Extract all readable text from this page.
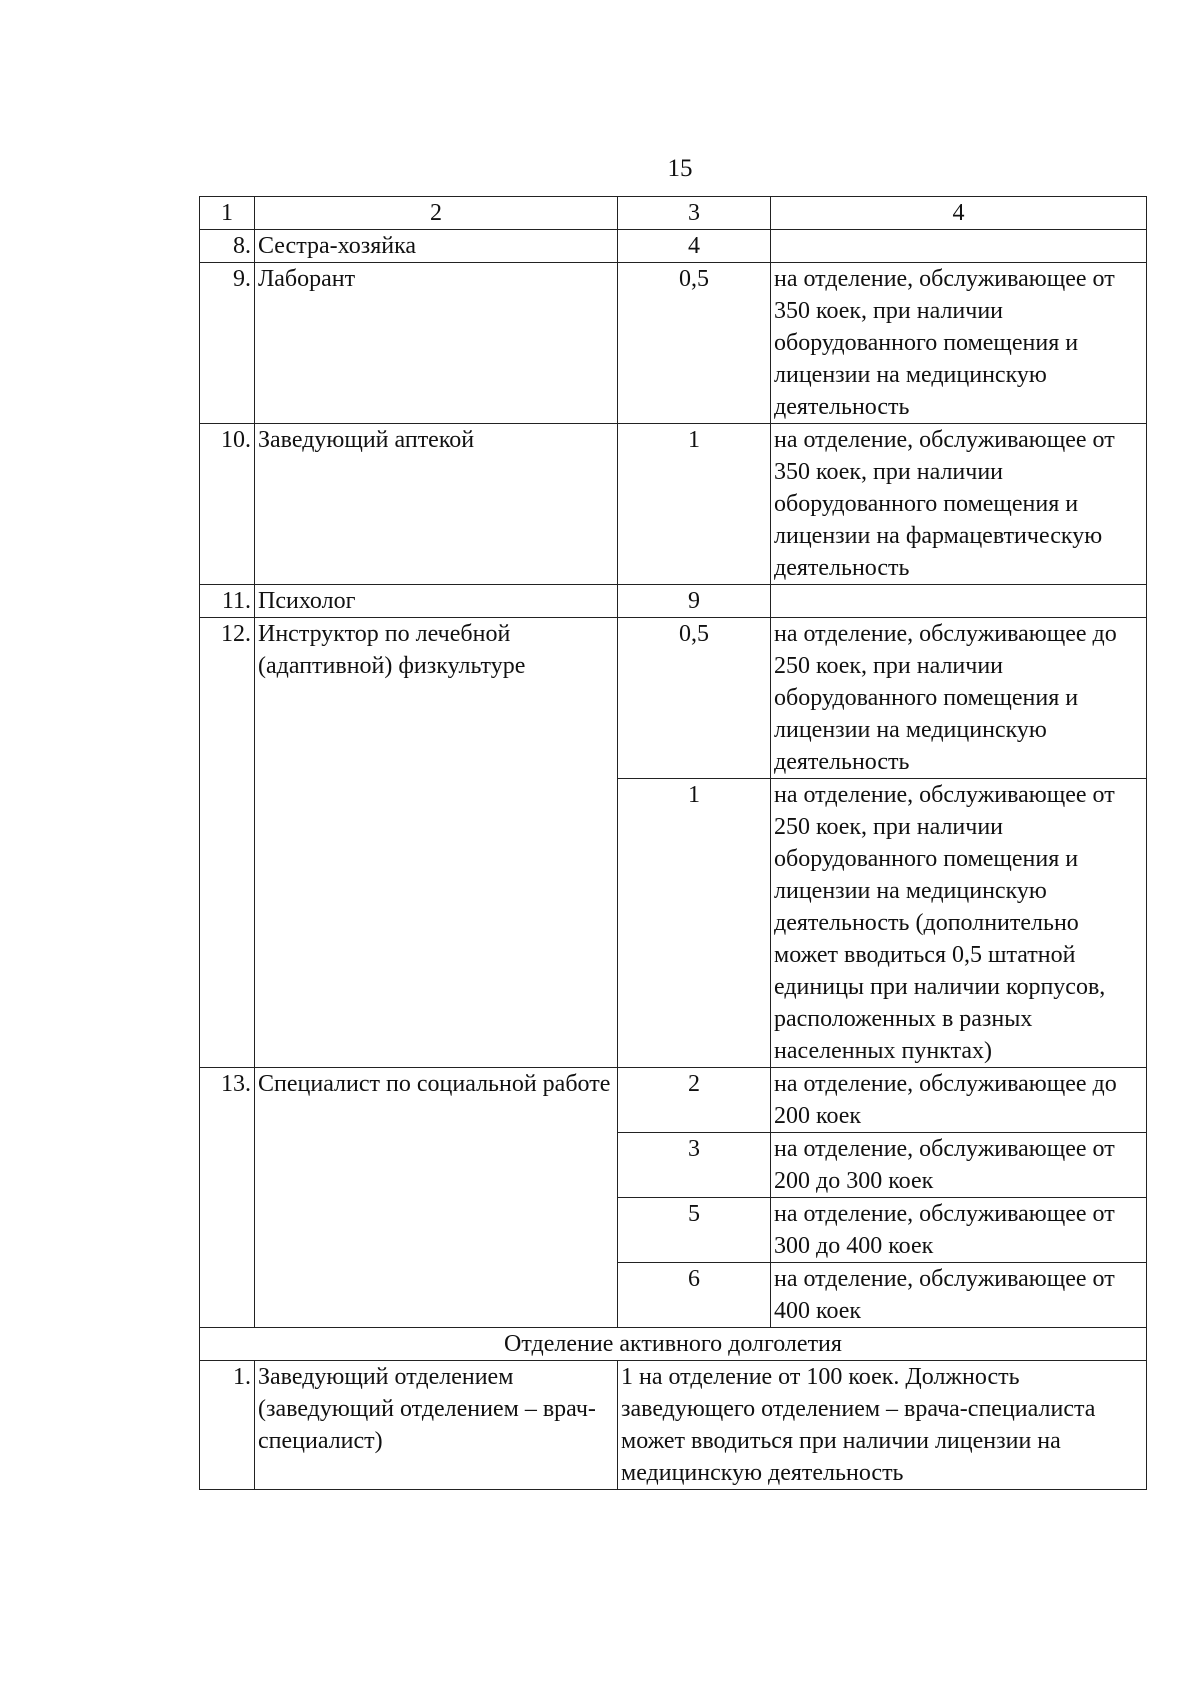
15
1	2	3	4
8.	Сестра-хозяйка	4	
9.	Лаборант	0,5	на отделение, обслуживающее от 350 коек, при наличии оборудованного помещения и лицензии на медицинскую деятельность
10.	Заведующий аптекой	1	на отделение, обслуживающее от 350 коек, при наличии оборудованного помещения и лицензии на фармацевтическую деятельность
11.	Психолог	9	
12.	Инструктор по лечебной (адаптивной) физкультуре	0,5	на отделение, обслуживающее до 250 коек, при наличии оборудованного помещения и лицензии на медицинскую деятельность
		1	на отделение, обслуживающее от 250 коек, при наличии оборудованного помещения и лицензии на медицинскую деятельность (дополнительно может вводиться 0,5 штатной единицы при наличии корпусов, расположенных в разных населенных пунктах)
13.	Специалист по социальной работе	2	на отделение, обслуживающее до 200 коек
		3	на отделение, обслуживающее от 200 до 300 коек
		5	на отделение, обслуживающее от 300 до 400 коек
		6	на отделение, обслуживающее от 400 коек
Отделение активного долголетия			
1.	Заведующий отделением (заведующий отделением – врач-специалист)	1 на отделение от 100 коек. Должность заведующего отделением – врача-специалиста может вводиться при наличии лицензии на медицинскую деятельность	
